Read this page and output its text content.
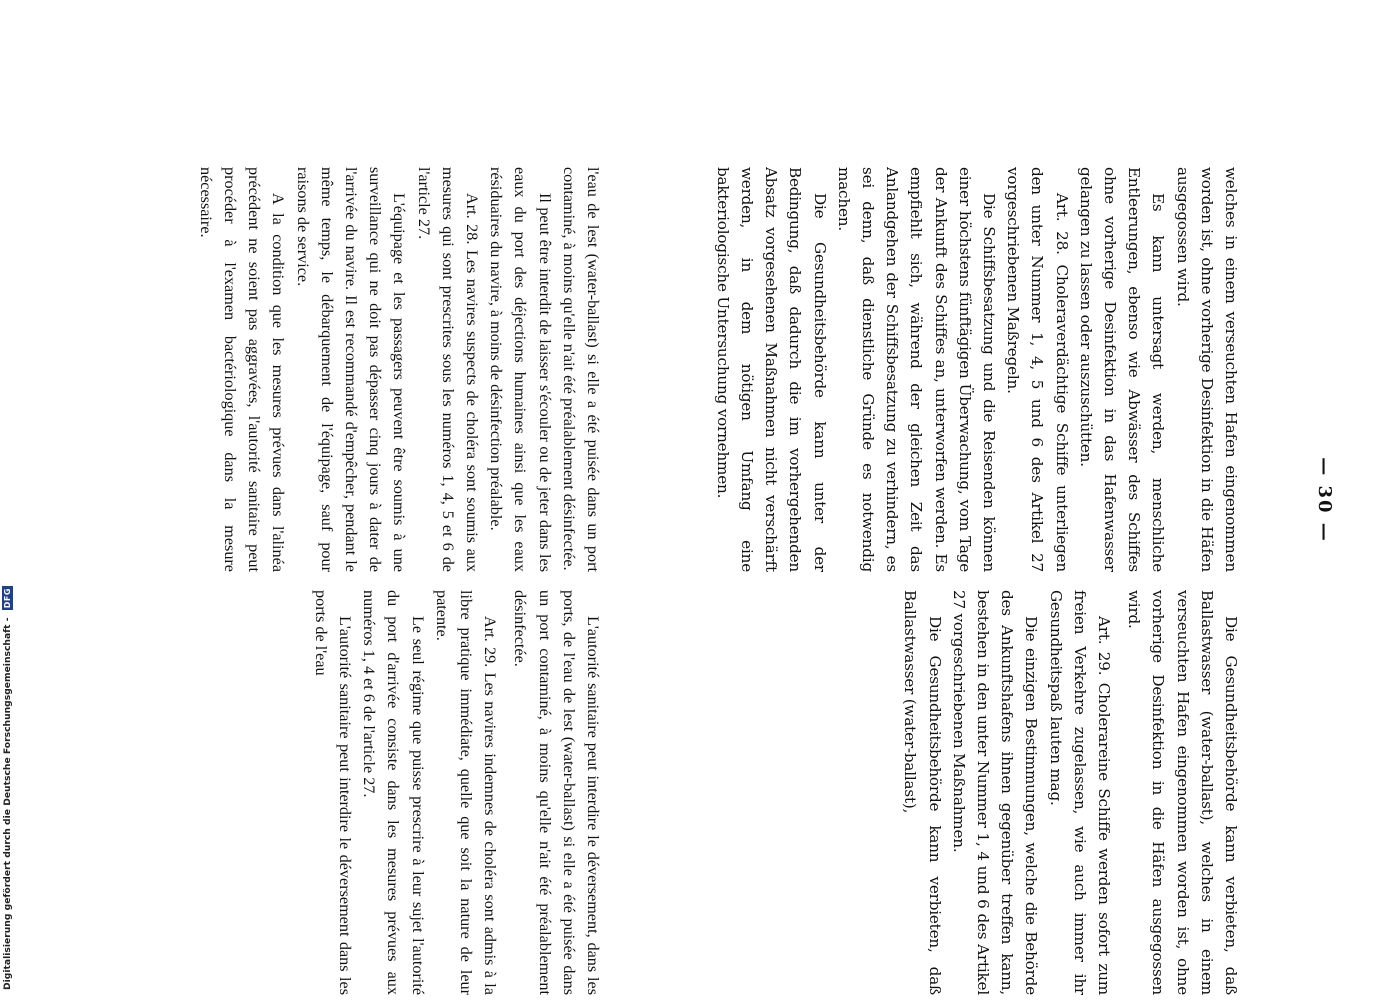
— 30 —

l'eau de lest (water-ballast) si elle a été puisée dans un port contaminé, à moins qu'elle n'ait été préalablement désinfectée.

Il peut être interdit de laisser s'écouler ou de jeter dans les eaux du port des déjections humaines ainsi que les eaux résiduaires du navire, à moins de désinfection préalable.

Art. 28. Les navires suspects de choléra sont soumis aux mesures qui sont prescrites sous les numéros 1, 4, 5 et 6 de l'article 27.

L'équipage et les passagers peuvent être soumis à une surveillance qui ne doit pas dépasser cinq jours à dater de l'arrivée du navire. Il est recommandé d'empêcher, pendant le même temps, le débarquement de l'équipage, sauf pour raisons de service.

A la condition que les mesures prévues dans l'alinéa précédent ne soient pas aggravées, l'autorité sanitaire peut procéder à l'examen bactériologique dans la mesure nécessaire.

L'autorité sanitaire peut interdire le déversement, dans les ports, de l'eau de lest (water-ballast) si elle a été puisée dans un port contaminé, à moins qu'elle n'ait été préalablement désinfectée.

Art. 29. Les navires indemnes de choléra sont admis à la libre pratique immédiate, quelle que soit la nature de leur patente.

Le seul régime que puisse prescrire à leur sujet l'autorité du port d'arrivée consiste dans les mesures prévues aux numéros 1, 4 et 6 de l'article 27.

L'autorité sanitaire peut interdire le déversement dans les ports de l'eau

welches in einem verseuchten Hafen eingenommen worden ist, ohne vorherige Desinfektion in die Häfen ausgegossen wird.

Es kann untersagt werden, menschliche Entleerungen, ebenso wie Abwässer des Schiffes ohne vorherige Desinfektion in das Hafenwasser gelangen zu lassen oder auszuschütten.

Art. 28. Choleraverdächtige Schiffe unterliegen den unter Nummer 1, 4, 5 und 6 des Artikel 27 vorgeschriebenen Maßregeln.

Die Schiffsbesatzung und die Reisenden können einer höchstens fünftägigen Überwachung, vom Tage der Ankunft des Schiffes an, unterworfen werden. Es empfiehlt sich, während der gleichen Zeit das Anlandgehen der Schiffsbesatzung zu verhindern, es sei denn, daß dienstliche Gründe es notwendig machen.

Die Gesundheitsbehörde kann unter der Bedingung, daß dadurch die im vorhergehenden Absatz vorgesehenen Maßnahmen nicht verschärft werden, in dem nötigen Umfang eine bakteriologische Untersuchung vornehmen.

Die Gesundheitsbehörde kann verbieten, daß Ballastwasser (water-ballast), welches in einem verseuchten Hafen eingenommen worden ist, ohne vorherige Desinfektion in die Häfen ausgegossen wird.

Art. 29. Cholerareine Schiffe werden sofort zum freien Verkehre zugelassen, wie auch immer ihr Gesundheitspaß lauten mag.

Die einzigen Bestimmungen, welche die Behörde des Ankunftshafens ihnen gegenüber treffen kann, bestehen in den unter Nummer 1, 4 und 6 des Artikel 27 vorgeschriebenen Maßnahmen.

Die Gesundheitsbehörde kann verbieten, daß Ballastwasser (water-ballast),

Digitalisierung gefördert durch die Deutsche Forschungsgemeinschaft - DFG
